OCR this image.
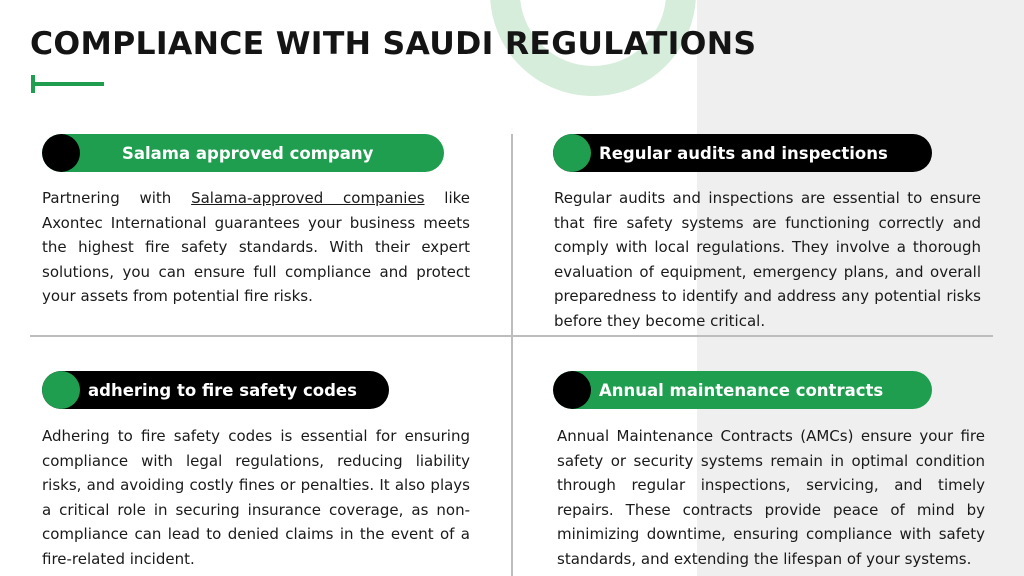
COMPLIANCE WITH SAUDI REGULATIONS
Salama approved company

Partnering with Salama-approved companies like Axontec International guarantees your business meets the highest fire safety standards. With their expert solutions, you can ensure full compliance and protect your assets from potential fire risks.

Regular audits and inspections

Regular audits and inspections are essential to ensure that fire safety systems are functioning correctly and comply with local regulations. They involve a thorough evaluation of equipment, emergency plans, and overall preparedness to identify and address any potential risks before they become critical.

adhering to fire safety codes

Adhering to fire safety codes is essential for ensuring compliance with legal regulations, reducing liability risks, and avoiding costly fines or penalties. It also plays a critical role in securing insurance coverage, as non-compliance can lead to denied claims in the event of a fire-related incident.

Annual maintenance contracts

Annual Maintenance Contracts (AMCs) ensure your fire safety or security systems remain in optimal condition through regular inspections, servicing, and timely repairs. These contracts provide peace of mind by minimizing downtime, ensuring compliance with safety standards, and extending the lifespan of your systems.
